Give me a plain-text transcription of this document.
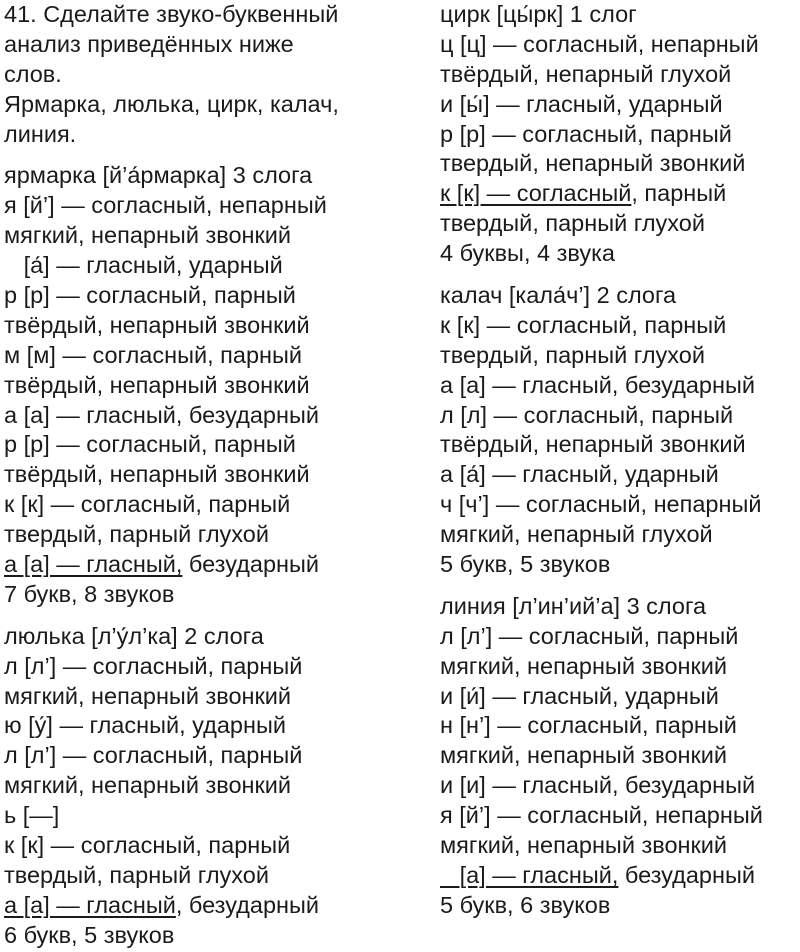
41. Сделайте звуко-буквенный
анализ приведённых ниже
слов.
Ярмарка, люлька, цирк, калач,
линия.
ярмарка [й’а́рмарка] 3 слога
я [й’] — согласный, непарный
мягкий, непарный звонкий
[а́] — гласный, ударный
р [р] — согласный, парный
твёрдый, непарный звонкий
м [м] — согласный, парный
твёрдый, непарный звонкий
а [а] — гласный, безударный
р [р] — согласный, парный
твёрдый, непарный звонкий
к [к] — согласный, парный
твердый, парный глухой
а [а] — гласный, безударный
7 букв, 8 звуков
люлька [л’у́л’ка] 2 слога
л [л’] — согласный, парный
мягкий, непарный звонкий
ю [у́] — гласный, ударный
л [л’] — согласный, парный
мягкий, непарный звонкий
ь [—]
к [к] — согласный, парный
твердый, парный глухой
а [а] — гласный, безударный
6 букв, 5 звуков
цирк [цы́рк] 1 слог
ц [ц] — согласный, непарный
твёрдый, непарный глухой
и [ы́] — гласный, ударный
р [р] — согласный, парный
твердый, непарный звонкий
к [к] — согласный, парный
твердый, парный глухой
4 буквы, 4 звука
калач [кала́ч’] 2 слога
к [к] — согласный, парный
твердый, парный глухой
а [а] — гласный, безударный
л [л] — согласный, парный
твёрдый, непарный звонкий
а [а́] — гласный, ударный
ч [ч’] — согласный, непарный
мягкий, непарный глухой
5 букв, 5 звуков
линия [л’ин’ий’а] 3 слога
л [л’] — согласный, парный
мягкий, непарный звонкий
и [и́] — гласный, ударный
н [н’] — согласный, парный
мягкий, непарный звонкий
и [и] — гласный, безударный
я [й’] — согласный, непарный
мягкий, непарный звонкий
[а] — гласный, безударный
5 букв, 6 звуков
